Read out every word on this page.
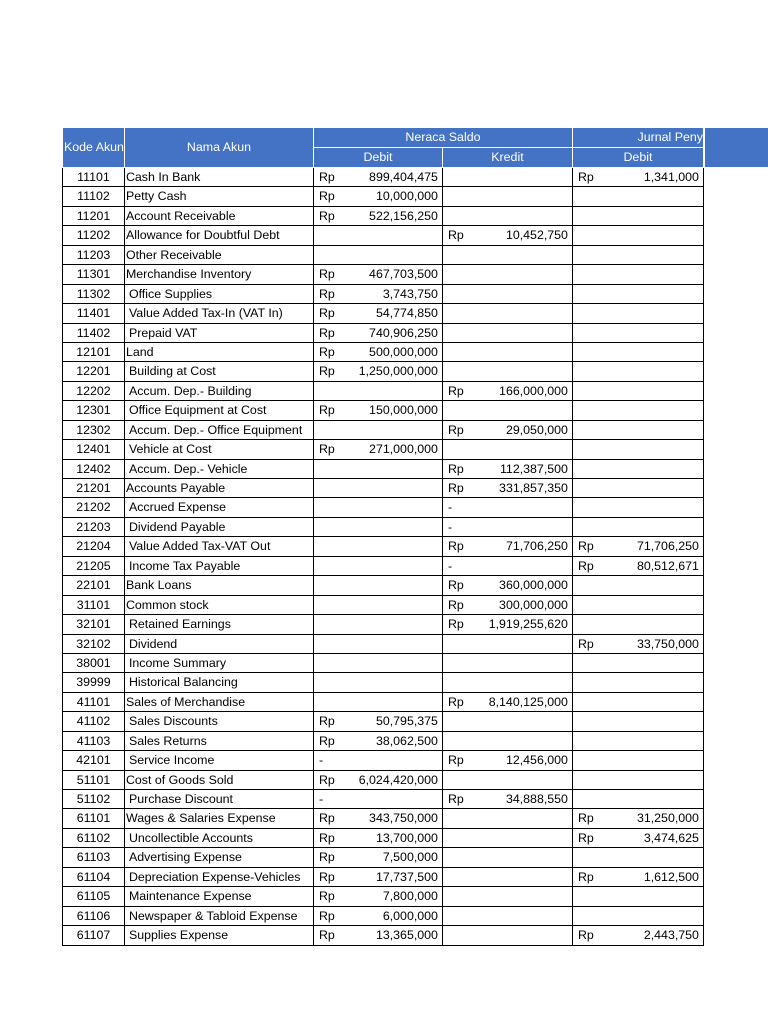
Kode Akun	Nama Akun	Neraca Saldo				Jurnal Peny	
		Debit		Kredit		Debit	
11101	Cash In Bank	Rp	899,404,475			Rp	1,341,000
11102	Petty Cash	Rp	10,000,000				
11201	Account Receivable	Rp	522,156,250				
11202	Allowance for Doubtful Debt			Rp	10,452,750		
11203	Other Receivable						
11301	Merchandise Inventory	Rp	467,703,500				
11302	Office Supplies	Rp	3,743,750				
11401	Value Added Tax-In (VAT In)	Rp	54,774,850				
11402	Prepaid VAT	Rp	740,906,250				
12101	Land	Rp	500,000,000				
12201	Building at Cost	Rp	1,250,000,000				
12202	Accum. Dep.- Building			Rp	166,000,000		
12301	Office Equipment at Cost	Rp	150,000,000				
12302	Accum. Dep.- Office Equipment			Rp	29,050,000		
12401	Vehicle at Cost	Rp	271,000,000				
12402	Accum. Dep.- Vehicle			Rp	112,387,500		
21201	Accounts Payable			Rp	331,857,350		
21202	Accrued Expense			-			
21203	Dividend Payable			-			
21204	Value Added Tax-VAT Out			Rp	71,706,250	Rp	71,706,250
21205	Income Tax Payable			-		Rp	80,512,671
22101	Bank Loans			Rp	360,000,000		
31101	Common stock			Rp	300,000,000		
32101	Retained Earnings			Rp	1,919,255,620		
32102	Dividend					Rp	33,750,000
38001	Income Summary						
39999	Historical Balancing						
41101	Sales of Merchandise			Rp	8,140,125,000		
41102	Sales Discounts	Rp	50,795,375				
41103	Sales Returns	Rp	38,062,500				
42101	Service Income	-		Rp	12,456,000		
51101	Cost of Goods Sold	Rp	6,024,420,000				
51102	Purchase Discount	-		Rp	34,888,550		
61101	Wages & Salaries Expense	Rp	343,750,000			Rp	31,250,000
61102	Uncollectible Accounts	Rp	13,700,000			Rp	3,474,625
61103	Advertising Expense	Rp	7,500,000				
61104	Depreciation Expense-Vehicles	Rp	17,737,500			Rp	1,612,500
61105	Maintenance Expense	Rp	7,800,000				
61106	Newspaper & Tabloid Expense	Rp	6,000,000				
61107	Supplies Expense	Rp	13,365,000			Rp	2,443,750
